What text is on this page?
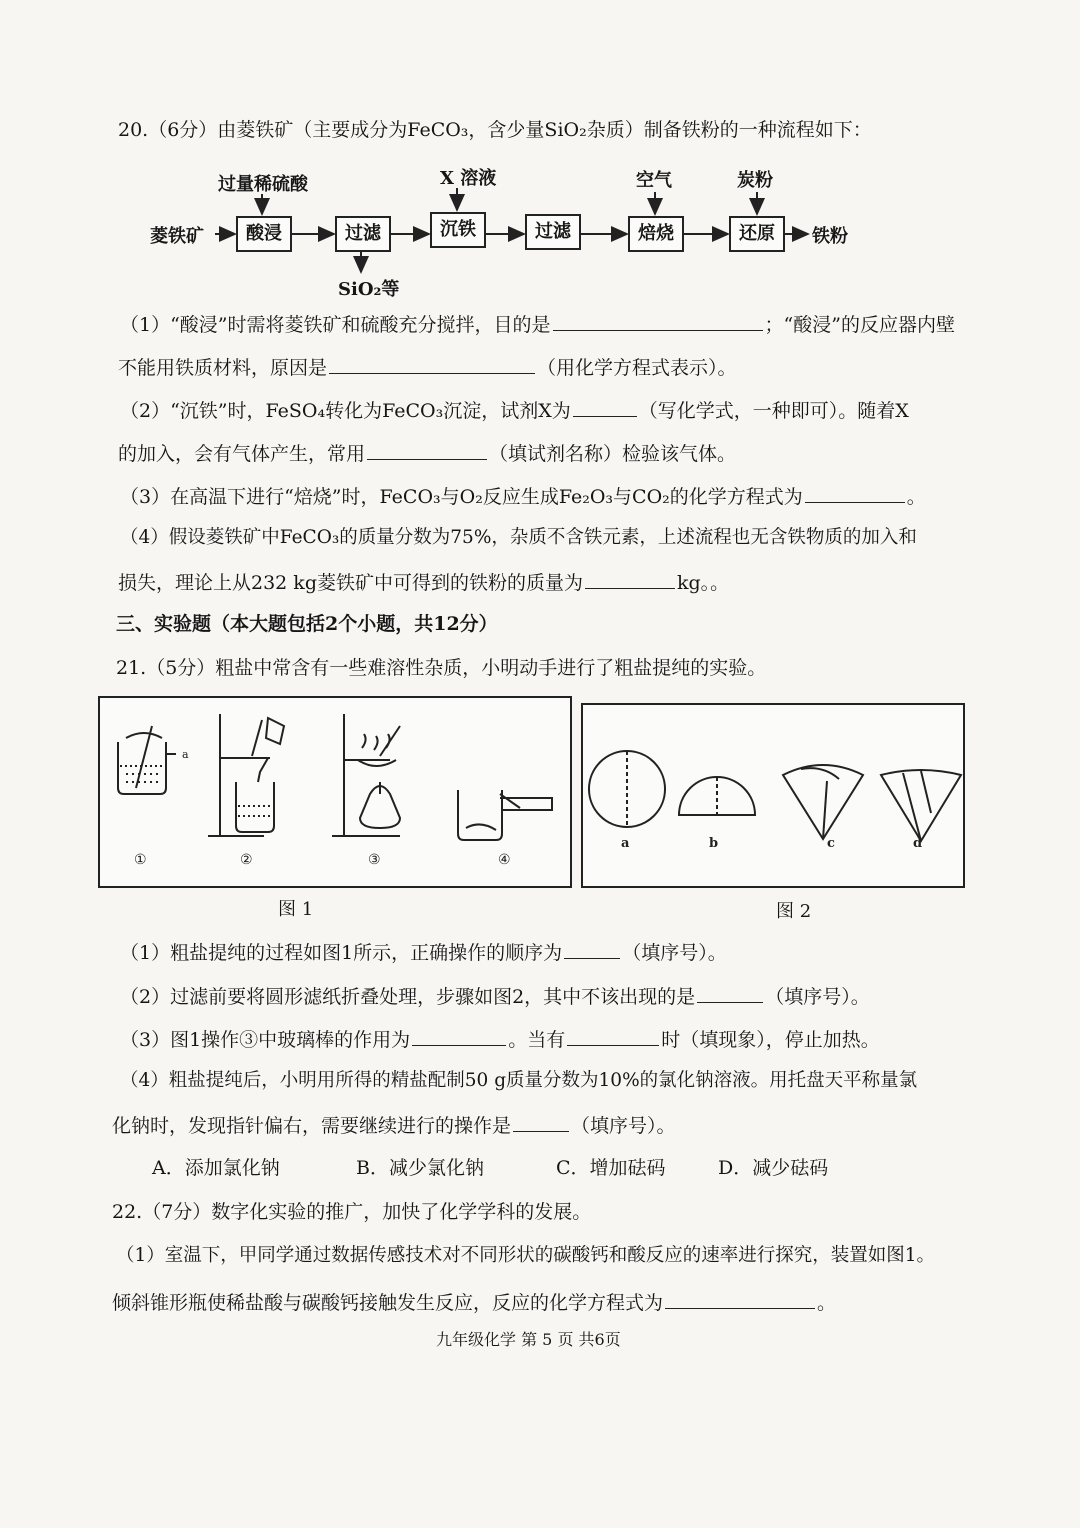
20.（6分）由菱铁矿（主要成分为FeCO₃，含少量SiO₂杂质）制备铁粉的一种流程如下：
菱铁矿	酸浸	过滤	沉铁	过滤	焙烧	还原	铁粉
过量稀硫酸	X 溶液	空气	炭粉
SiO₂等
（1）“酸浸”时需将菱铁矿和硫酸充分搅拌，目的是	；“酸浸”的反应器内壁
不能用铁质材料，原因是	（用化学方程式表示）。
（2）“沉铁”时，FeSO₄转化为FeCO₃沉淀，试剂X为	（写化学式，一种即可）。随着X
的加入，会有气体产生，常用	（填试剂名称）检验该气体。
（3）在高温下进行“焙烧”时，FeCO₃与O₂反应生成Fe₂O₃与CO₂的化学方程式为	。
（4）假设菱铁矿中FeCO₃的质量分数为75%，杂质不含铁元素，上述流程也无含铁物质的加入和
损失，理论上从232 kg菱铁矿中可得到的铁粉的质量为	kg。。
三、实验题（本大题包括2个小题，共12分）
21.（5分）粗盐中常含有一些难溶性杂质，小明动手进行了粗盐提纯的实验。
a
①	②	③	④
图 1
a	b	c	d
图 2
（1）粗盐提纯的过程如图1所示，正确操作的顺序为	（填序号）。
（2）过滤前要将圆形滤纸折叠处理，步骤如图2，其中不该出现的是	（填序号）。
（3）图1操作③中玻璃棒的作用为	。当有	时（填现象），停止加热。
（4）粗盐提纯后，小明用所得的精盐配制50 g质量分数为10%的氯化钠溶液。用托盘天平称量氯
化钠时，发现指针偏右，需要继续进行的操作是	（填序号）。
A．添加氯化钠	B．减少氯化钠	C．增加砝码	D．减少砝码
22.（7分）数字化实验的推广，加快了化学学科的发展。
（1）室温下，甲同学通过数据传感技术对不同形状的碳酸钙和酸反应的速率进行探究，装置如图1。
倾斜锥形瓶使稀盐酸与碳酸钙接触发生反应，反应的化学方程式为	。
九年级化学 第 5 页 共6页
